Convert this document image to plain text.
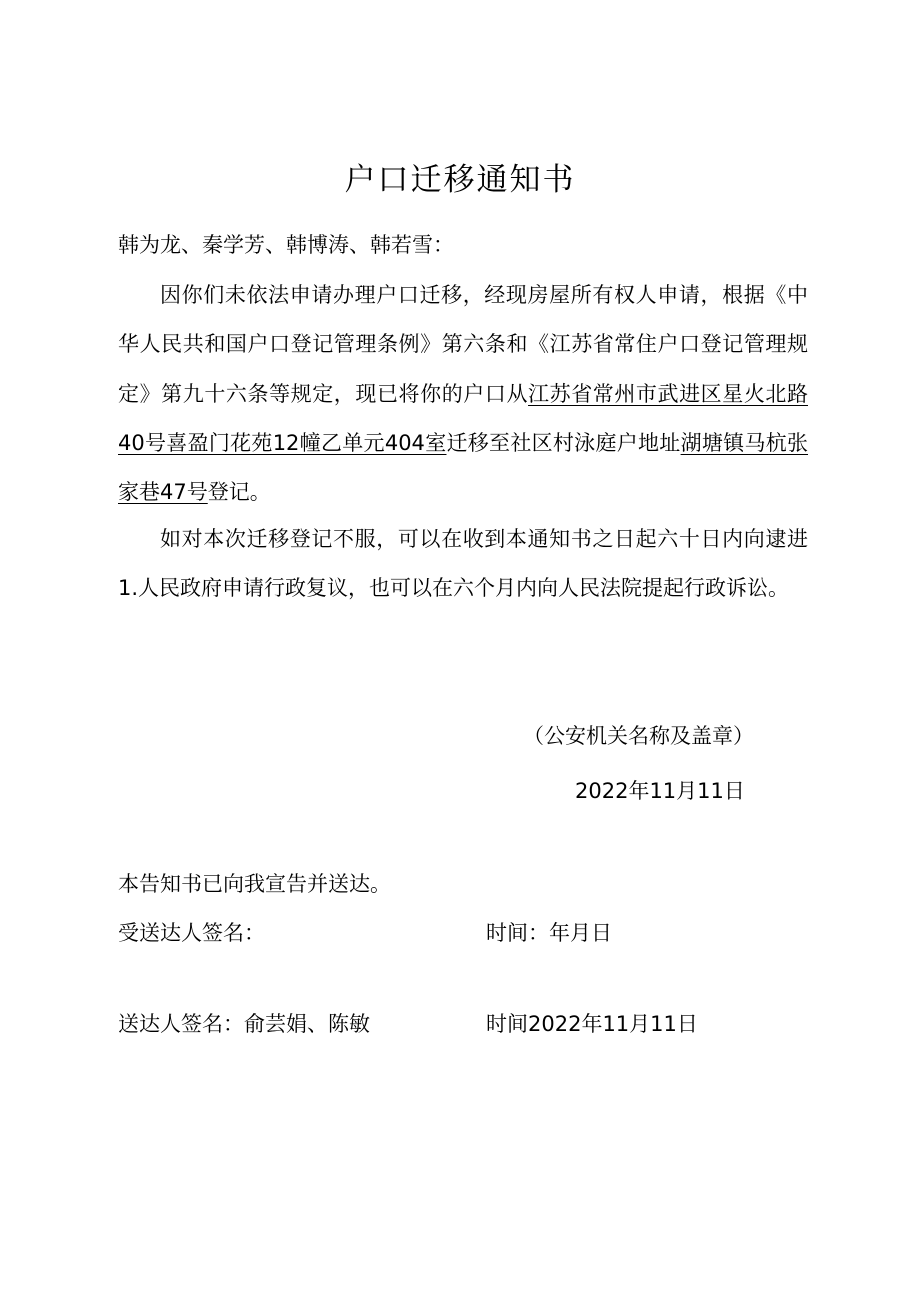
户口迁移通知书
韩为龙、秦学芳、韩博涛、韩若雪：

因你们未依法申请办理户口迁移，经现房屋所有权人申请，根据《中华人民共和国户口登记管理条例》第六条和《江苏省常住户口登记管理规定》第九十六条等规定，现已将你的户口从江苏省常州市武进区星火北路40号喜盈门花苑12幢乙单元404室迁移至社区村泳庭户地址湖塘镇马杭张家巷47号登记。

如对本次迁移登记不服，可以在收到本通知书之日起六十日内向逮进1.人民政府申请行政复议，也可以在六个月内向人民法院提起行政诉讼。

（公安机关名称及盖章）
2022年11月11日
本告知书已向我宣告并送达。
受送达人签名：	时间：年月日
送达人签名：俞芸娟、陈敏	时间2022年11月11日
